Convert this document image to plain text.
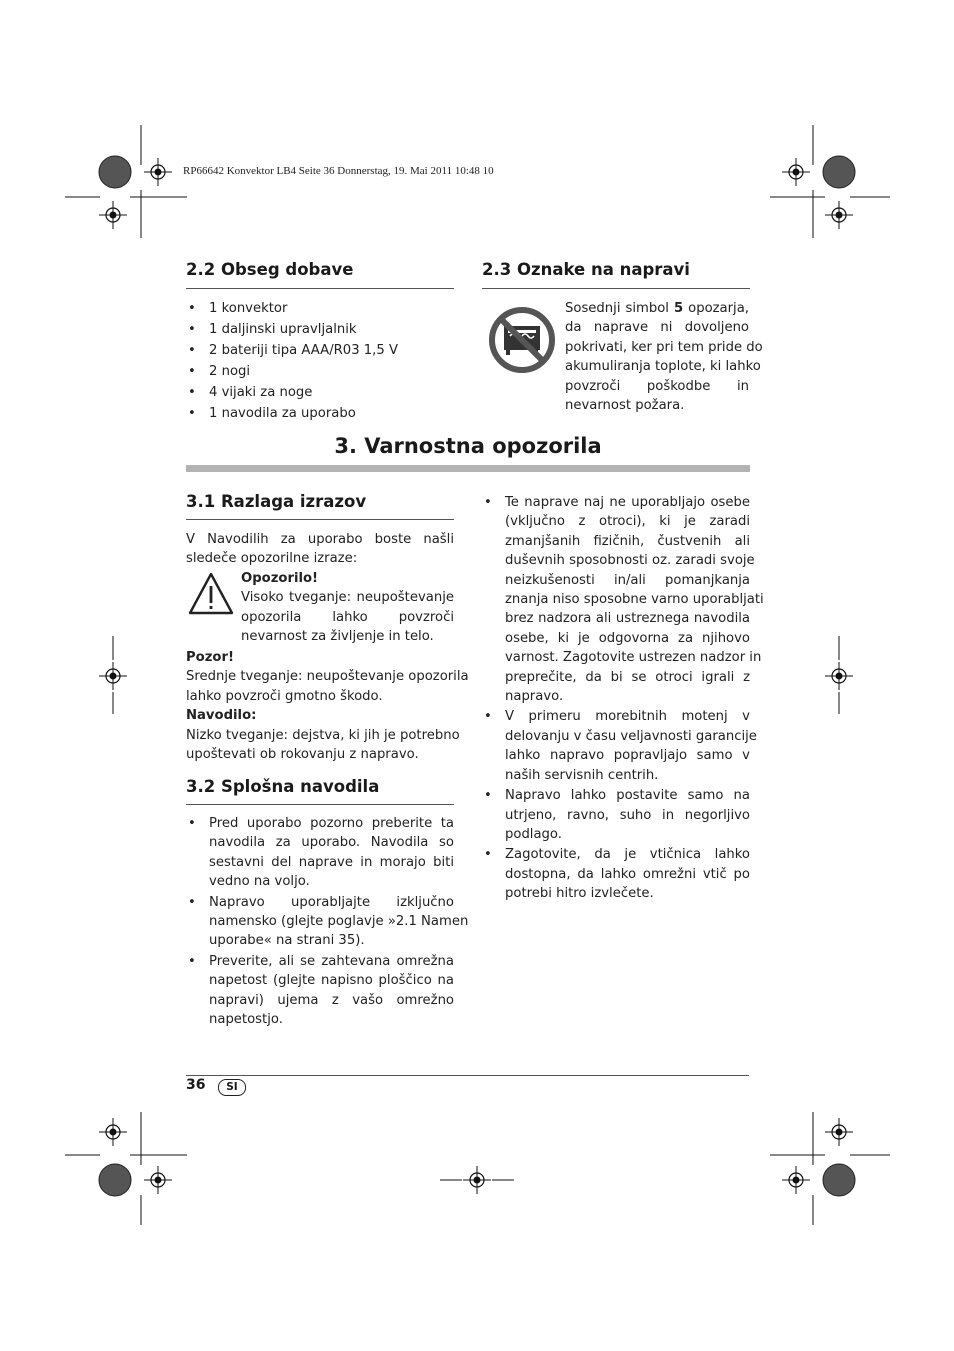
RP66642 Konvektor LB4 Seite 36 Donnerstag, 19. Mai 2011 10:48 10
2.2 Obseg dobave
• 1 konvektor
• 1 daljinski upravljalnik
• 2 bateriji tipa AAA/R03 1,5 V
• 2 nogi
• 4 vijaki za noge
• 1 navodila za uporabo
2.3 Oznake na napravi
Sosednji simbol 5 opozarja,
da naprave ni dovoljeno
pokrivati, ker pri tem pride do
akumuliranja toplote, ki lahko
povzroči poškodbe in
nevarnost požara.
3. Varnostna opozorila
3.1 Razlaga izrazov
V Navodilih za uporabo boste našli
sledeče opozorilne izraze:
Opozorilo!
Visoko tveganje: neupoštevanje
opozorila lahko povzroči
nevarnost za življenje in telo.
Pozor!
Srednje tveganje: neupoštevanje opozorila
lahko povzroči gmotno škodo.
Navodilo:
Nizko tveganje: dejstva, ki jih je potrebno
upoštevati ob rokovanju z napravo.
3.2 Splošna navodila
• Pred uporabo pozorno preberite ta
navodila za uporabo. Navodila so
sestavni del naprave in morajo biti
vedno na voljo.
• Napravo uporabljajte izključno
namensko (glejte poglavje »2.1 Namen
uporabe« na strani 35).
• Preverite, ali se zahtevana omrežna
napetost (glejte napisno ploščico na
napravi) ujema z vašo omrežno
napetostjo.
• Te naprave naj ne uporabljajo osebe
(vključno z otroci), ki je zaradi
zmanjšanih fizičnih, čustvenih ali
duševnih sposobnosti oz. zaradi svoje
neizkušenosti in/ali pomanjkanja
znanja niso sposobne varno uporabljati
brez nadzora ali ustreznega navodila
osebe, ki je odgovorna za njihovo
varnost. Zagotovite ustrezen nadzor in
preprečite, da bi se otroci igrali z
napravo.
• V primeru morebitnih motenj v
delovanju v času veljavnosti garancije
lahko napravo popravljajo samo v
naših servisnih centrih.
• Napravo lahko postavite samo na
utrjeno, ravno, suho in negorljivo
podlago.
• Zagotovite, da je vtičnica lahko
dostopna, da lahko omrežni vtič po
potrebi hitro izvlečete.
36	SI
